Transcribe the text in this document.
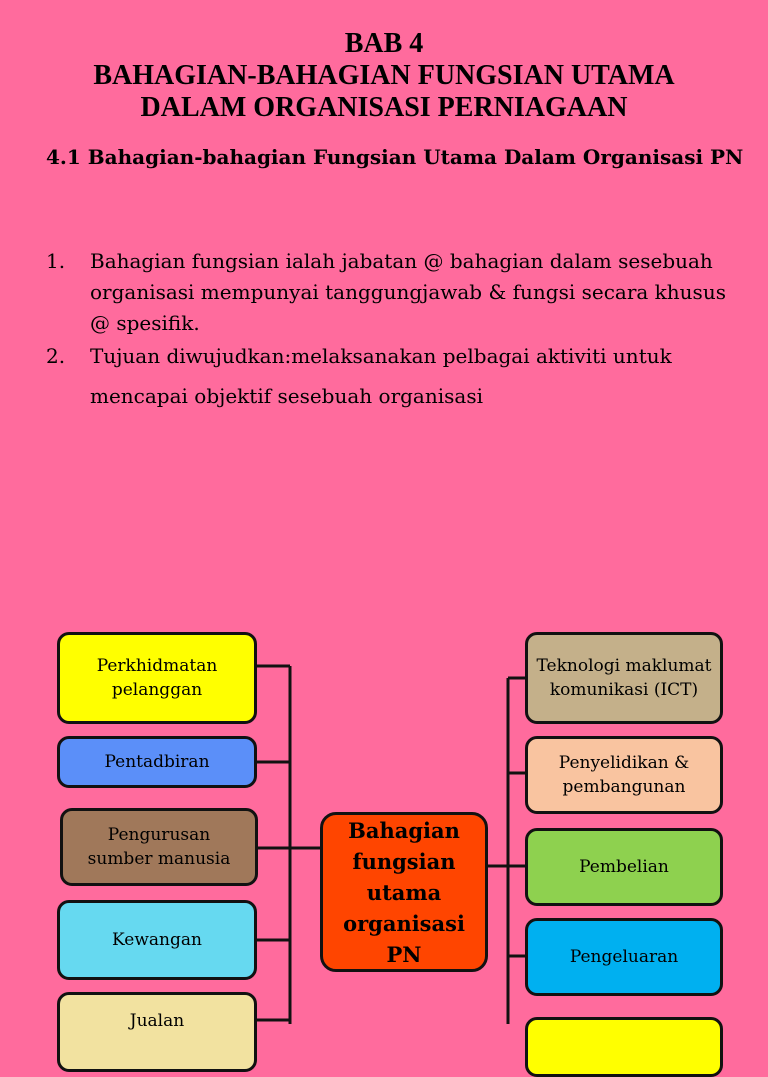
BAB 4
BAHAGIAN-BAHAGIAN FUNGSIAN UTAMA
DALAM ORGANISASI PERNIAGAAN
4.1 Bahagian-bahagian Fungsian Utama Dalam Organisasi PN
1.	Bahagian fungsian ialah jabatan @ bahagian dalam sesebuah organisasi mempunyai tanggungjawab & fungsi secara khusus @ spesifik.
2.	Tujuan diwujudkan:melaksanakan pelbagai aktiviti untuk mencapai objektif sesebuah organisasi
Perkhidmatan pelanggan
Pentadbiran
Pengurusan sumber manusia
Kewangan
Jualan
Teknologi maklumat komunikasi (ICT)
Penyelidikan & pembangunan
Pembelian
Pengeluaran
Bahagian fungsian utama organisasi PN
